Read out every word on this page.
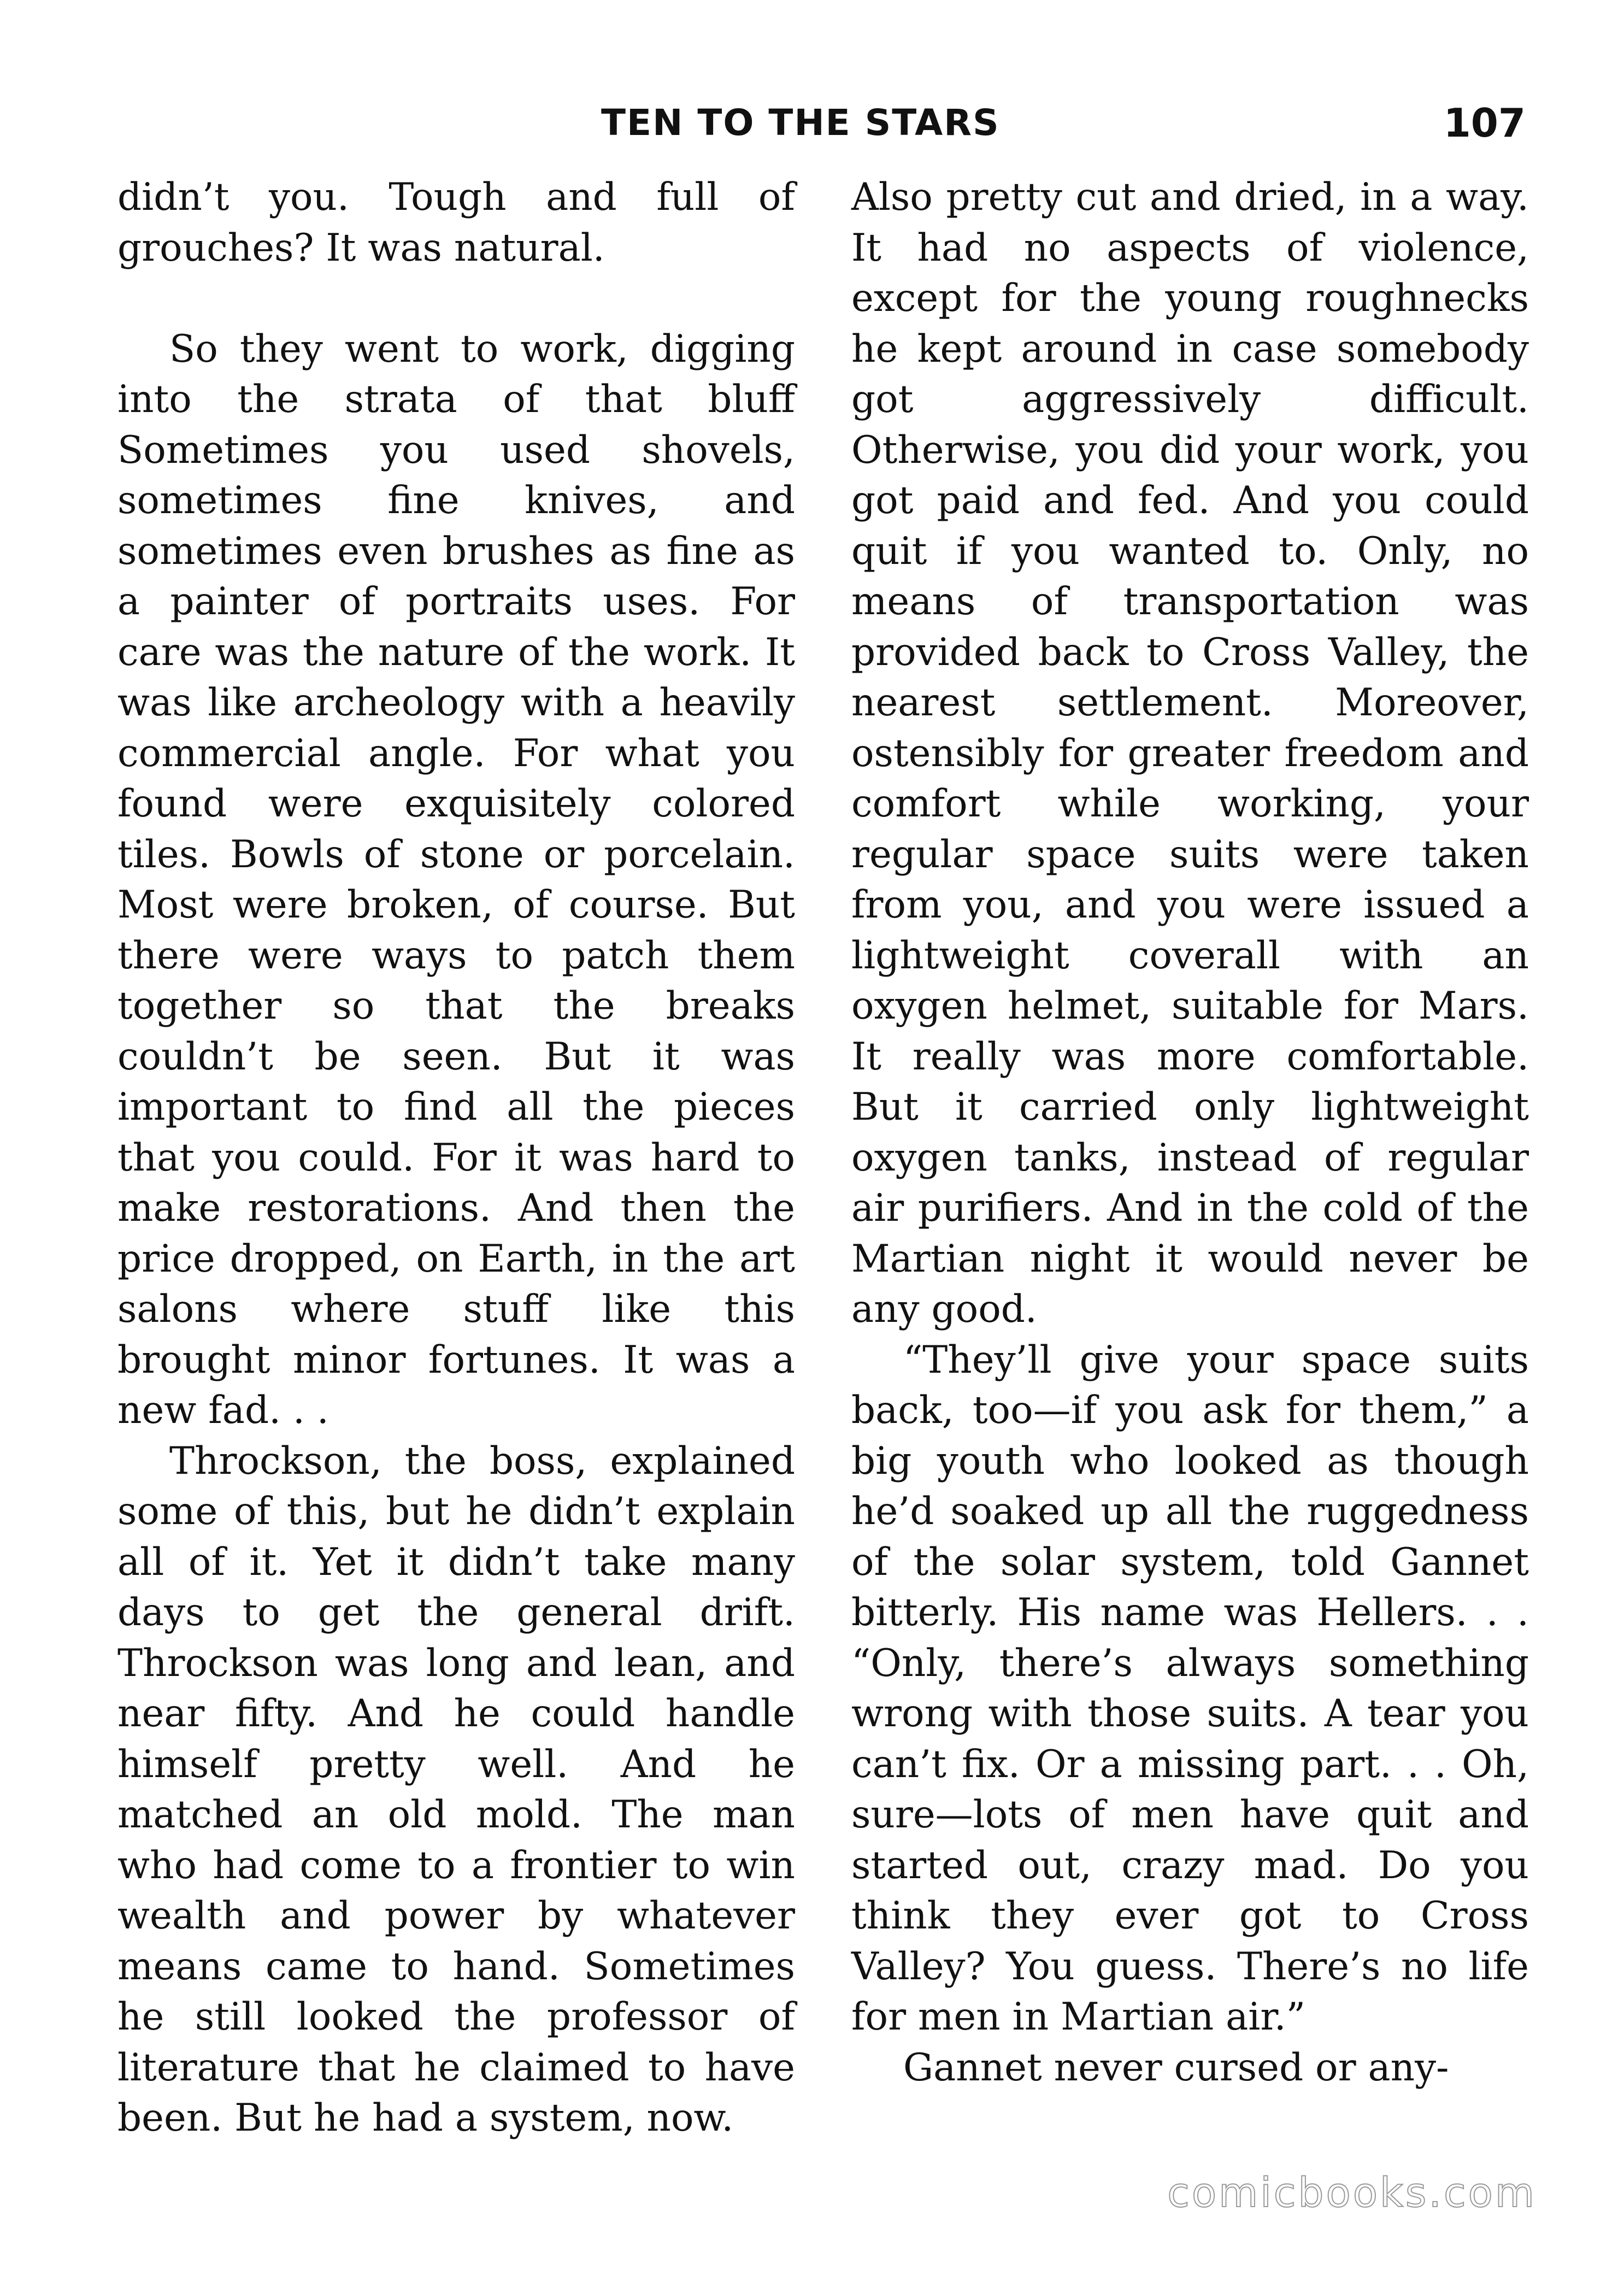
TEN TO THE STARS	107

didn’t you. Tough and full of grouches? It was natural.

So they went to work, digging into the strata of that bluff Sometimes you used shovels, sometimes fine knives, and sometimes even brushes as fine as a painter of portraits uses. For care was the nature of the work. It was like archeology with a heavily commercial angle. For what you found were exquisitely colored tiles. Bowls of stone or porcelain. Most were broken, of course. But there were ways to patch them together so that the breaks couldn’t be seen. But it was important to find all the pieces that you could. For it was hard to make restorations. And then the price dropped, on Earth, in the art salons where stuff like this brought minor fortunes. It was a new fad. . .

Throckson, the boss, explained some of this, but he didn’t explain all of it. Yet it didn’t take many days to get the general drift. Throckson was long and lean, and near fifty. And he could handle himself pretty well. And he matched an old mold. The man who had come to a frontier to win wealth and power by whatever means came to hand. Sometimes he still looked the professor of literature that he claimed to have been. But he had a system, now.

Also pretty cut and dried, in a way. It had no aspects of violence, except for the young roughnecks he kept around in case somebody got aggressively difficult. Otherwise, you did your work, you got paid and fed. And you could quit if you wanted to. Only, no means of transportation was provided back to Cross Valley, the nearest settlement. Moreover, ostensibly for greater freedom and comfort while working, your regular space suits were taken from you, and you were issued a lightweight coverall with an oxygen helmet, suitable for Mars. It really was more comfortable. But it carried only lightweight oxygen tanks, instead of regular air purifiers. And in the cold of the Martian night it would never be any good.

“They’ll give your space suits back, too—if you ask for them,” a big youth who looked as though he’d soaked up all the ruggedness of the solar system, told Gannet bitterly. His name was Hellers. . . “Only, there’s always something wrong with those suits. A tear you can’t fix. Or a missing part. . . Oh, sure—lots of men have quit and started out, crazy mad. Do you think they ever got to Cross Valley? You guess. There’s no life for men in Martian air.”

Gannet never cursed or any-

comicbooks.com
